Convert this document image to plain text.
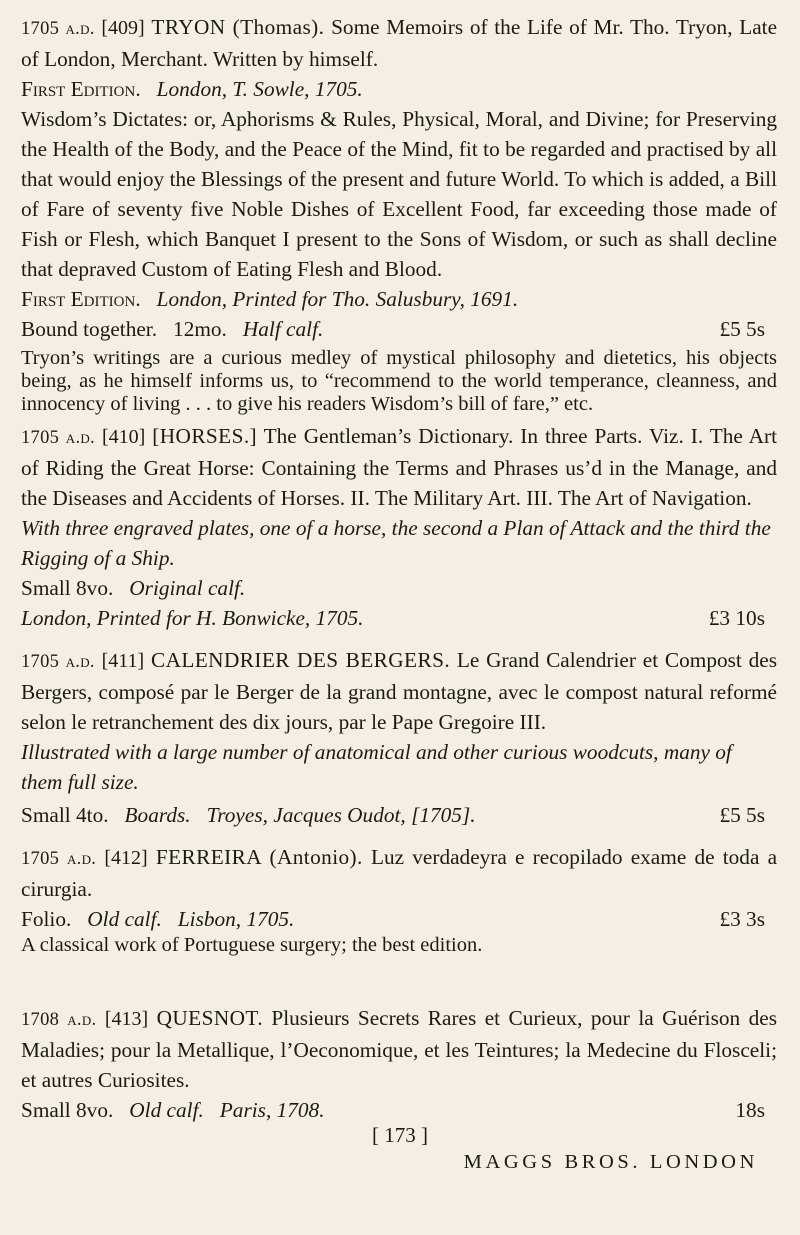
1705 a.d. [409] TRYON (Thomas). Some Memoirs of the Life of Mr. Tho. Tryon, Late of London, Merchant. Written by himself.

First Edition. London, T. Sowle, 1705.

Wisdom’s Dictates: or, Aphorisms & Rules, Physical, Moral, and Divine; for Preserving the Health of the Body, and the Peace of the Mind, fit to be regarded and practised by all that would enjoy the Blessings of the present and future World. To which is added, a Bill of Fare of seventy five Noble Dishes of Excellent Food, far exceeding those made of Fish or Flesh, which Banquet I present to the Sons of Wisdom, or such as shall decline that depraved Custom of Eating Flesh and Blood.

First Edition. London, Printed for Tho. Salusbury, 1691.

Bound together. 12mo. Half calf.	£5 5s

Tryon’s writings are a curious medley of mystical philosophy and dietetics, his objects being, as he himself informs us, to “recommend to the world temperance, cleanness, and innocency of living . . . to give his readers Wisdom’s bill of fare,” etc.

1705 a.d. [410] [HORSES.] The Gentleman’s Dictionary. In three Parts. Viz. I. The Art of Riding the Great Horse: Containing the Terms and Phrases us’d in the Manage, and the Diseases and Accidents of Horses. II. The Military Art. III. The Art of Navigation.

With three engraved plates, one of a horse, the second a Plan of Attack and the third the Rigging of a Ship.

Small 8vo. Original calf.

London, Printed for H. Bonwicke, 1705.	£3 10s

1705 a.d. [411] CALENDRIER DES BERGERS. Le Grand Calendrier et Compost des Bergers, composé par le Berger de la grand montagne, avec le compost natural reformé selon le retranchement des dix jours, par le Pape Gregoire III.

Illustrated with a large number of anatomical and other curious woodcuts, many of them full size.

Small 4to. Boards. Troyes, Jacques Oudot, [1705].	£5 5s

1705 a.d. [412] FERREIRA (Antonio). Luz verdadeyra e recopilado exame de toda a cirurgia.

Folio. Old calf. Lisbon, 1705.	£3 3s

A classical work of Portuguese surgery; the best edition.

1708 a.d. [413] QUESNOT. Plusieurs Secrets Rares et Curieux, pour la Guérison des Maladies; pour la Metallique, l’Oeconomique, et les Teintures; la Medecine du Flosceli; et autres Curiosites.

Small 8vo. Old calf. Paris, 1708.	18s

[ 173 ]
MAGGS BROS. LONDON
